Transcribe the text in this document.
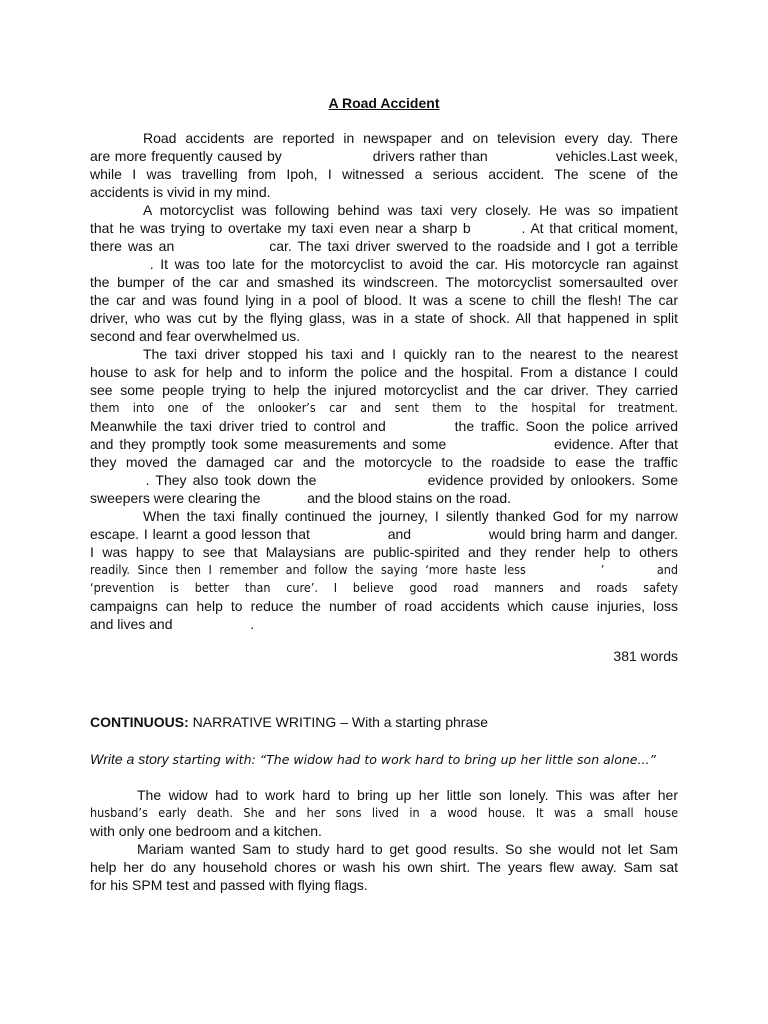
A Road Accident
Road accidents are reported in newspaper and on television every day. There
are more frequently caused by                    drivers rather than               vehicles.Last week,
while I was travelling from Ipoh, I witnessed a serious accident. The scene of the
accidents is vivid in my mind.
A motorcyclist was following behind was taxi very closely. He was so impatient
that he was trying to overtake my taxi even near a sharp b         . At that critical moment,
there was an                car. The taxi driver swerved to the roadside and I got a terrible
. It was too late for the motorcyclist to avoid the car. His motorcycle ran against
the bumper of the car and smashed its windscreen. The motorcyclist somersaulted over
the car and was found lying in a pool of blood. It was a scene to chill the flesh! The car
driver, who was cut by the flying glass, was in a state of shock. All that happened in split
second and fear overwhelmed us.
The taxi driver stopped his taxi and I quickly ran to the nearest to the nearest
house to ask for help and to inform the police and the hospital. From a distance I could
see some people trying to help the injured motorcyclist and the car driver. They carried
them into one of the onlooker’s car and sent them to the hospital for treatment.
Meanwhile the taxi driver tried to control and          the traffic. Soon the police arrived
and they promptly took some measurements and some                  evidence. After that
they moved the damaged car and the motorcycle to the roadside to ease the traffic
. They also took down the                  evidence provided by onlookers. Some
sweepers were clearing the            and the blood stains on the road.
When the taxi finally continued the journey, I silently thanked God for my narrow
escape. I learnt a good lesson that                and                would bring harm and danger.
I was happy to see that Malaysians are public-spirited and they render help to others
readily. Since then I remember and follow the saying ‘more haste less          ’       and
‘prevention is better than cure’. I believe good road manners and roads safety
campaigns can help to reduce the number of road accidents which cause injuries, loss
and lives and                    .
381 words
CONTINUOUS: NARRATIVE WRITING – With a starting phrase
Write a story starting with: “The widow had to work hard to bring up her little son alone...”
The widow had to work hard to bring up her little son lonely. This was after her
husband’s early death. She and her sons lived in a wood house. It was a small house
with only one bedroom and a kitchen.
Mariam wanted Sam to study hard to get good results. So she would not let Sam
help her do any household chores or wash his own shirt. The years flew away. Sam sat
for his SPM test and passed with flying flags.
